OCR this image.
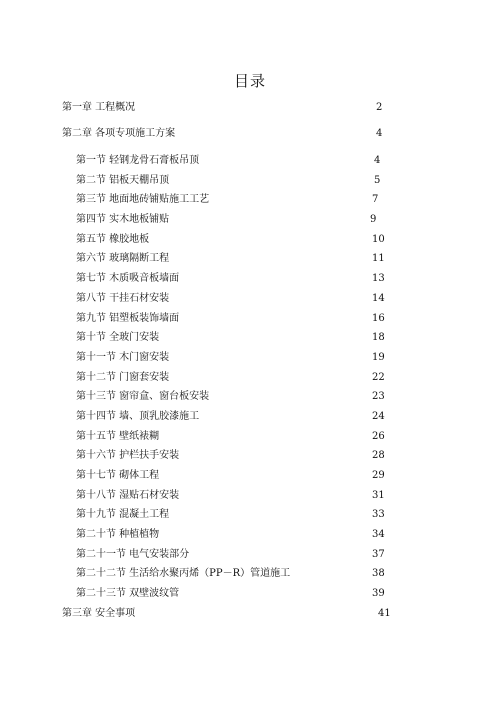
目录
第一章 工程概况	2
第二章 各项专项施工方案	4
第一节 轻钢龙骨石膏板吊顶	4
第二节 铝板天棚吊顶	5
第三节 地面地砖铺贴施工工艺	7
第四节 实木地板铺贴	9
第五节 橡胶地板	10
第六节 玻璃隔断工程	11
第七节 木质吸音板墙面	13
第八节 干挂石材安装	14
第九节 铝塑板装饰墙面	16
第十节 全玻门安装	18
第十一节 木门窗安装	19
第十二节 门窗套安装	22
第十三节 窗帘盒、窗台板安装	23
第十四节 墙、顶乳胶漆施工	24
第十五节 壁纸裱糊	26
第十六节 护栏扶手安装	28
第十七节 砌体工程	29
第十八节 湿贴石材安装	31
第十九节 混凝土工程	33
第二十节 种植植物	34
第二十一节 电气安装部分	37
第二十二节 生活给水聚丙烯（PP－R）管道施工	38
第二十三节 双壁波纹管	39
第三章 安全事项	41
